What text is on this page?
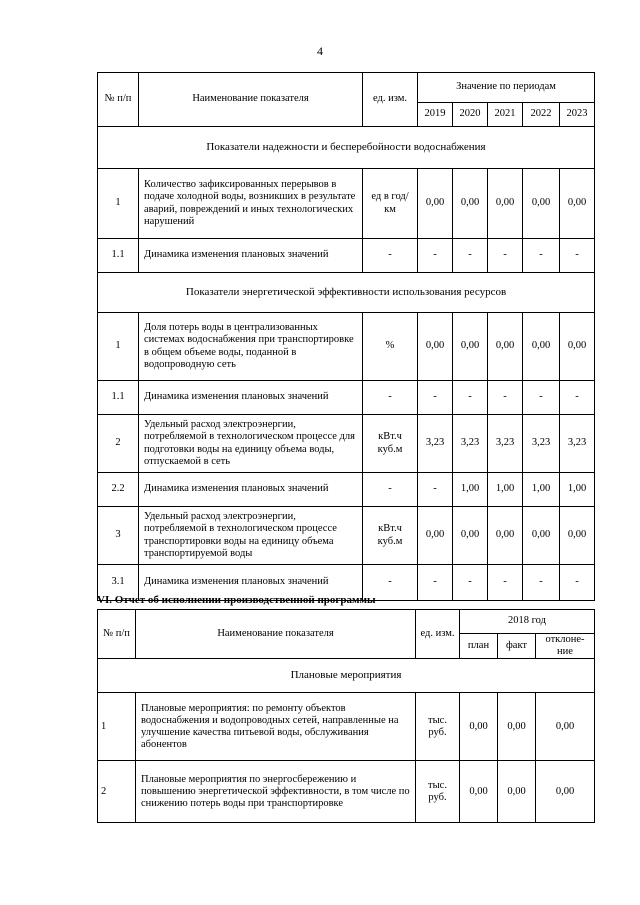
4
№ п/п	Наименование показателя	ед. изм.	Значение по периодам				
			2019	2020	2021	2022	2023
Показатели надежности и бесперебойности водоснабжения							
1	Количество зафиксированных перерывов в подаче холодной воды, возникших в результате аварий, повреждений и иных технологических нарушений	ед в год/ км	0,00	0,00	0,00	0,00	0,00
1.1	Динамика изменения плановых значений	-	-	-	-	-	-
Показатели энергетической эффективности использования ресурсов							
1	Доля потерь воды в централизованных системах водоснабжения при транспортировке в общем объеме воды, поданной в водопроводную сеть	%	0,00	0,00	0,00	0,00	0,00
1.1	Динамика изменения плановых значений	-	-	-	-	-	-
2	Удельный расход электроэнергии, потребляемой в технологическом процессе для подготовки воды на единицу объема воды, отпускаемой в сеть	кВт.ч куб.м	3,23	3,23	3,23	3,23	3,23
2.2	Динамика изменения плановых значений	-	-	1,00	1,00	1,00	1,00
3	Удельный расход электроэнергии, потребляемой в технологическом процессе транспортировки воды на единицу объема транспортируемой воды	кВт.ч куб.м	0,00	0,00	0,00	0,00	0,00
3.1	Динамика изменения плановых значений	-	-	-	-	-	-
VI. Отчет об исполнении производственной программы
№ п/п	Наименование показателя	ед. изм.	2018 год		
			план	факт	отклоне- ние
Плановые мероприятия					
1	Плановые мероприятия: по ремонту объектов водоснабжения и водопроводных сетей, направленные на улучшение качества питьевой воды, обслуживания абонентов	тыс. руб.	0,00	0,00	0,00
2	Плановые мероприятия по энергосбережению и повышению энергетической эффективности, в том числе по снижению потерь воды при транспортировке	тыс. руб.	0,00	0,00	0,00
